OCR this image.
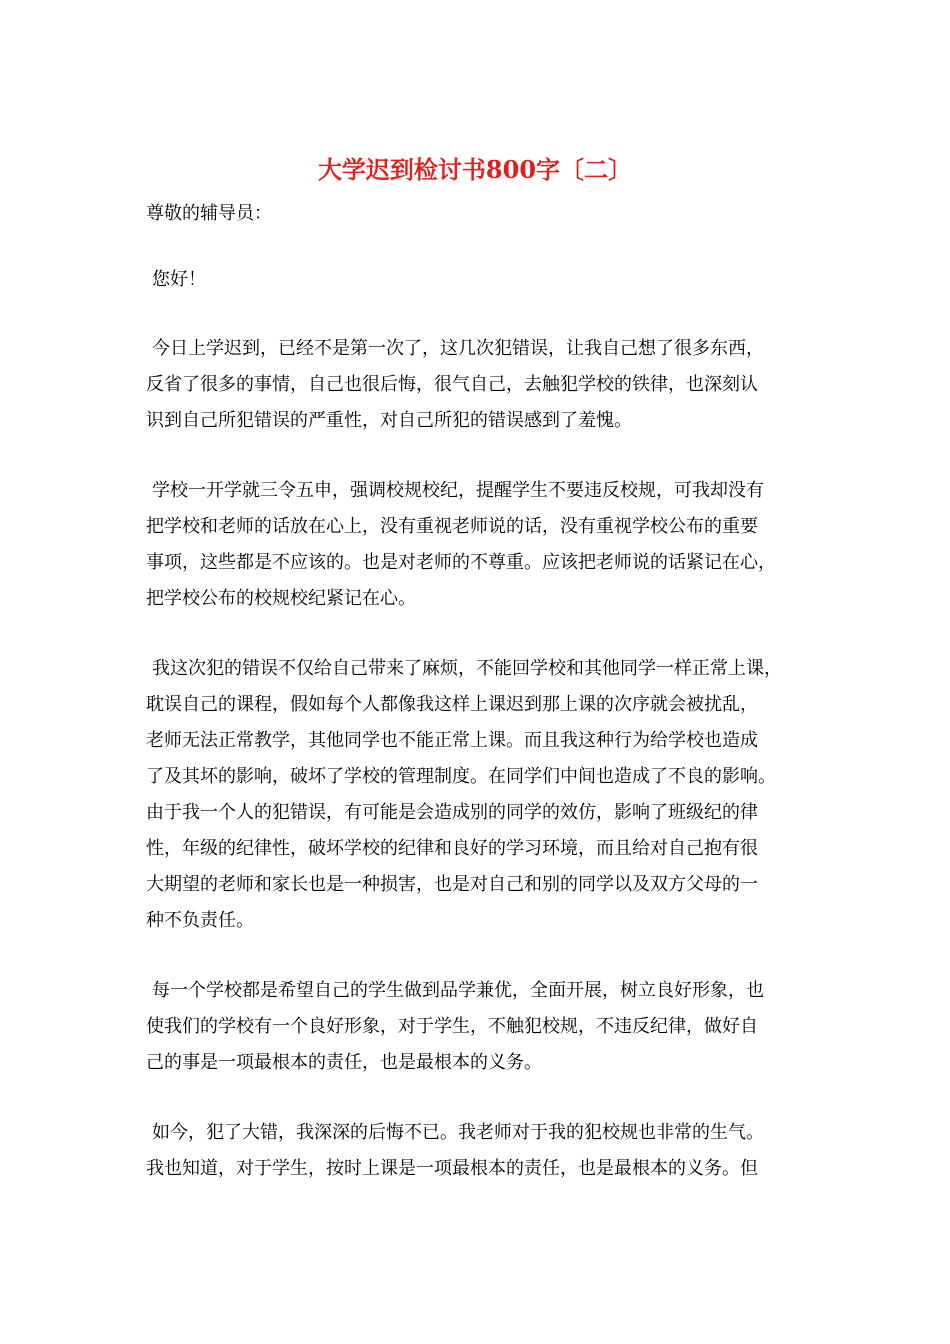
大学迟到检讨书800字〔二〕

尊敬的辅导员：

您好！

今日上学迟到，已经不是第一次了，这几次犯错误，让我自己想了很多东西，

反省了很多的事情，自己也很后悔，很气自己，去触犯学校的铁律，也深刻认

识到自己所犯错误的严重性，对自己所犯的错误感到了羞愧。

学校一开学就三令五申，强调校规校纪，提醒学生不要违反校规，可我却没有

把学校和老师的话放在心上，没有重视老师说的话，没有重视学校公布的重要

事项，这些都是不应该的。也是对老师的不尊重。应该把老师说的话紧记在心，

把学校公布的校规校纪紧记在心。

我这次犯的错误不仅给自己带来了麻烦，不能回学校和其他同学一样正常上课，

耽误自己的课程，假如每个人都像我这样上课迟到那上课的次序就会被扰乱，

老师无法正常教学，其他同学也不能正常上课。而且我这种行为给学校也造成

了及其坏的影响，破坏了学校的管理制度。在同学们中间也造成了不良的影响。

由于我一个人的犯错误，有可能是会造成别的同学的效仿，影响了班级纪的律

性，年级的纪律性，破坏学校的纪律和良好的学习环境，而且给对自己抱有很

大期望的老师和家长也是一种损害，也是对自己和别的同学以及双方父母的一

种不负责任。

每一个学校都是希望自己的学生做到品学兼优，全面开展，树立良好形象，也

使我们的学校有一个良好形象，对于学生，不触犯校规，不违反纪律，做好自

己的事是一项最根本的责任，也是最根本的义务。

如今，犯了大错，我深深的后悔不已。我老师对于我的犯校规也非常的生气。

我也知道，对于学生，按时上课是一项最根本的责任，也是最根本的义务。但
